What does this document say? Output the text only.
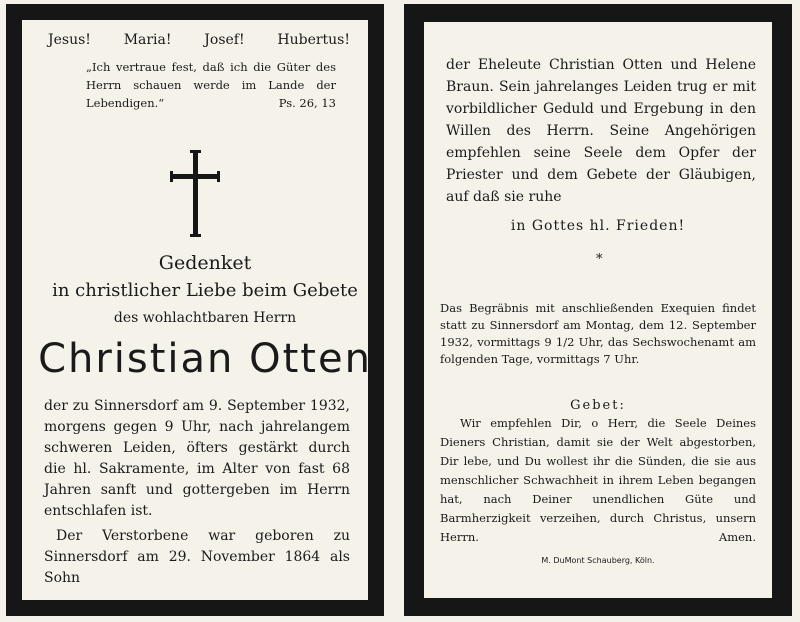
Jesus! Maria! Josef! Hubertus!
„Ich vertraue fest, daß ich die Güter des Herrn schauen werde im Lande der Lebendigen.“	Ps. 26, 13
Gedenket
in christlicher Liebe beim Gebete
des wohlachtbaren Herrn
Christian Otten

der zu Sinnersdorf am 9. September 1932, morgens gegen 9 Uhr, nach jahrelangem schweren Leiden, öfters gestärkt durch die hl. Sakramente, im Alter von fast 68 Jahren sanft und gottergeben im Herrn entschlafen ist.

Der Verstorbene war geboren zu Sinnersdorf am 29. November 1864 als Sohn

der Eheleute Christian Otten und Helene Braun. Sein jahrelanges Leiden trug er mit vorbildlicher Geduld und Ergebung in den Willen des Herrn. Seine Angehörigen empfehlen seine Seele dem Opfer der Priester und dem Gebete der Gläubigen, auf daß sie ruhe

in Gottes hl. Frieden!
*

Das Begräbnis mit anschließenden Exequien findet statt zu Sinnersdorf am Montag, dem 12. September 1932, vormittags 9 1/2 Uhr, das Sechswochenamt am folgenden Tage, vormittags 7 Uhr.

Gebet:

Wir empfehlen Dir, o Herr, die Seele Deines Dieners Christian, damit sie der Welt abgestorben, Dir lebe, und Du wollest ihr die Sünden, die sie aus menschlicher Schwachheit in ihrem Leben begangen hat, nach Deiner unendlichen Güte und Barmherzigkeit verzeihen, durch Christus, unsern Herrn.	Amen.

M. DuMont Schauberg, Köln.
